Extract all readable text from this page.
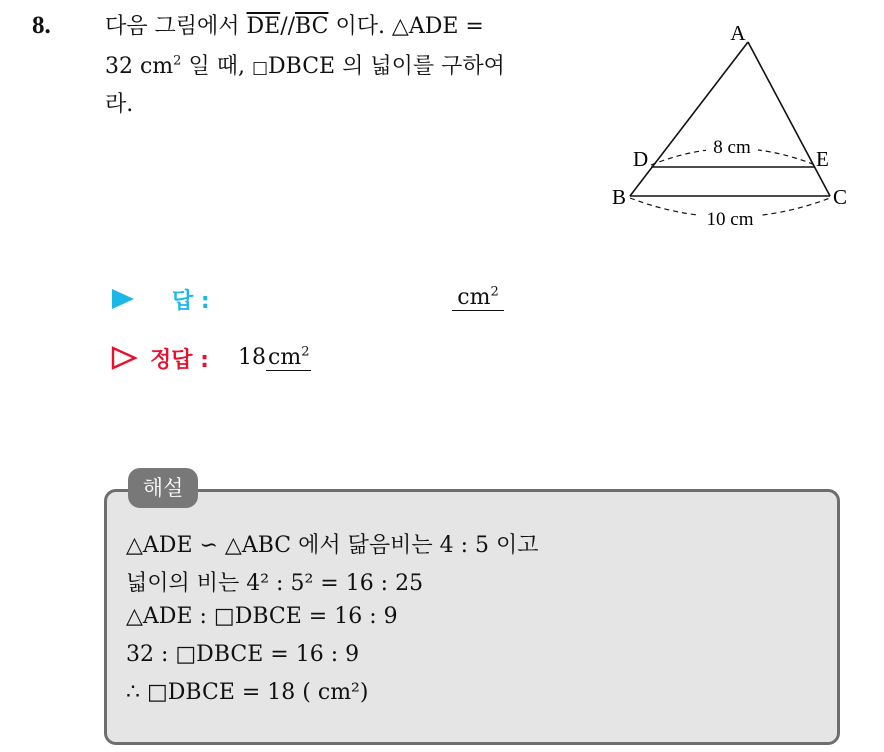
8. 다음 그림에서 $\overline{DE}//\overline{BC}$ 이다. △ADE =
32 $cm^2$ 일 때, □DBCE 의 넓이를 구하여
라.
A
B	C
D	E
8 cm
10 cm
답 :	$cm^2$
정답 : $18cm^2$
해설
△ADE ∽ △ABC 에서 닮음비는 4 : 5 이고
넓이의 비는 4² : 5² = 16 : 25
△ADE : □DBCE = 16 : 9
32 : □DBCE = 16 : 9
∴ □DBCE = 18 ( cm²)
